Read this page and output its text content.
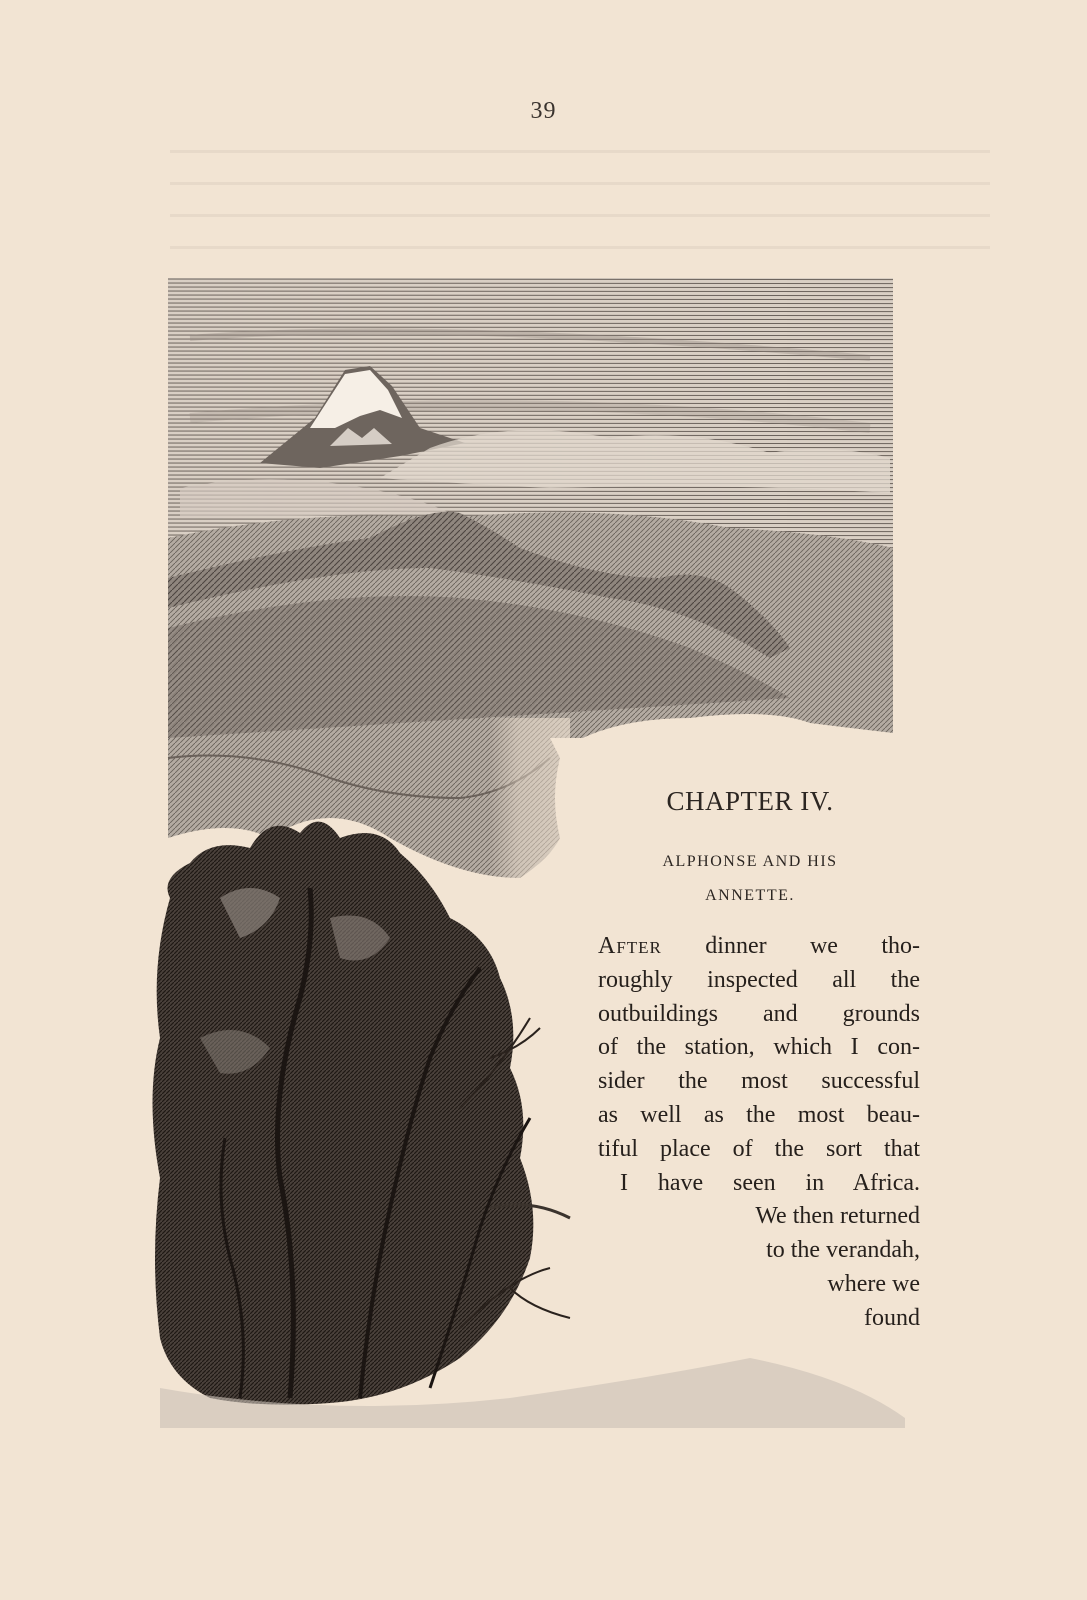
39
CHAPTER IV.
ALPHONSE AND HIS
ANNETTE.
After dinner we tho-
roughly inspected all the
outbuildings and grounds
of the station, which I con-
sider the most successful
as well as the most beau-
tiful place of the sort that
I have seen in Africa.
We then returned
to the verandah,
where we
found
